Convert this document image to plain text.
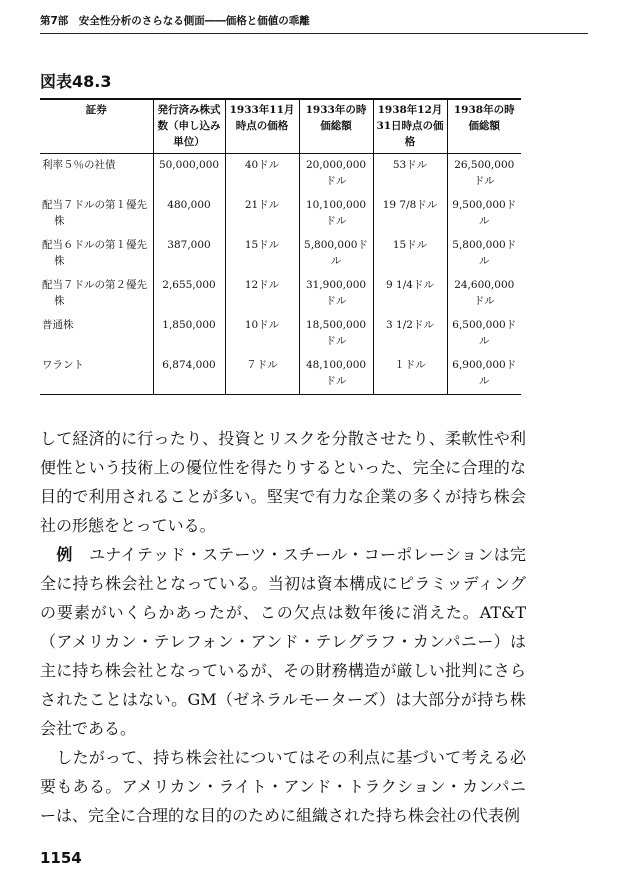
第7部　安全性分析のさらなる側面――価格と価値の乖離
図表48.3
証券	発行済み株式数（申し込み単位）	1933年11月時点の価格	1933年の時価総額	1938年12月31日時点の価格	1938年の時価総額

利率５％の社債	50,000,000	40ドル	20,000,000ドル	53ドル	26,500,000ドル

配当７ドルの第１優先株	480,000	21ドル	10,100,000ドル	19 7/8ドル	9,500,000ドル

配当６ドルの第１優先株	387,000	15ドル	5,800,000ドル	15ドル	5,800,000ドル

配当７ドルの第２優先株	2,655,000	12ドル	31,900,000ドル	9 1/4ドル	24,600,000ドル

普通株	1,850,000	10ドル	18,500,000ドル	3 1/2ドル	6,500,000ドル

ワラント	6,874,000	７ドル	48,100,000ドル	１ドル	6,900,000ドル

して経済的に行ったり、投資とリスクを分散させたり、柔軟性や利便性という技術上の優位性を得たりするといった、完全に合理的な目的で利用されることが多い。堅実で有力な企業の多くが持ち株会社の形態をとっている。

　例　 ユナイテッド・ステーツ・スチール・コーポレーションは完全に持ち株会社となっている。当初は資本構成にピラミッディングの要素がいくらかあったが、この欠点は数年後に消えた。AT&T（アメリカン・テレフォン・アンド・テレグラフ・カンパニー）は主に持ち株会社となっているが、その財務構造が厳しい批判にさらされたことはない。GM（ゼネラルモーターズ）は大部分が持ち株会社である。

　したがって、持ち株会社についてはその利点に基づいて考える必要もある。アメリカン・ライト・アンド・トラクション・カンパニーは、完全に合理的な目的のために組織された持ち株会社の代表例

1154
